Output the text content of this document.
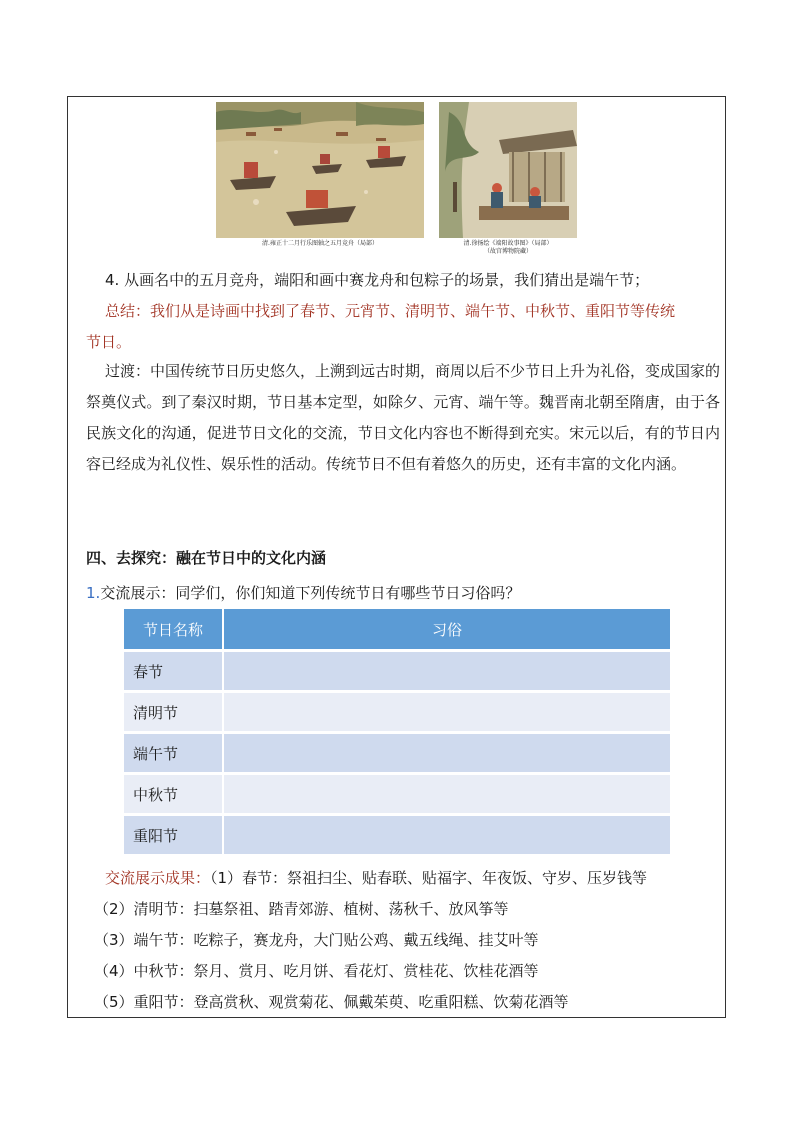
清.雍正十二月行乐图轴之五月竞舟（局部）	清.徐扬绘《端阳故事图》（局部）
（故宫博物院藏）
4. 从画名中的五月竞舟，端阳和画中赛龙舟和包粽子的场景，我们猜出是端午节；
总结：我们从是诗画中找到了春节、元宵节、清明节、端午节、中秋节、重阳节等传统
节日。
过渡：中国传统节日历史悠久，上溯到远古时期，商周以后不少节日上升为礼俗，变成国家的祭奠仪式。到了秦汉时期，节日基本定型，如除夕、元宵、端午等。魏晋南北朝至隋唐，由于各民族文化的沟通，促进节日文化的交流，节日文化内容也不断得到充实。宋元以后，有的节日内容已经成为礼仪性、娱乐性的活动。传统节日不但有着悠久的历史，还有丰富的文化内涵。
四、去探究：融在节日中的文化内涵
1.交流展示：同学们，你们知道下列传统节日有哪些节日习俗吗？
节日名称	习俗
春节	
清明节	
端午节	
中秋节	
重阳节	
交流展示成果：（1）春节：祭祖扫尘、贴春联、贴福字、年夜饭、守岁、压岁钱等
（2）清明节：扫墓祭祖、踏青郊游、植树、荡秋千、放风筝等
（3）端午节：吃粽子，赛龙舟，大门贴公鸡、戴五线绳、挂艾叶等
（4）中秋节：祭月、赏月、吃月饼、看花灯、赏桂花、饮桂花酒等
（5）重阳节：登高赏秋、观赏菊花、佩戴茱萸、吃重阳糕、饮菊花酒等
